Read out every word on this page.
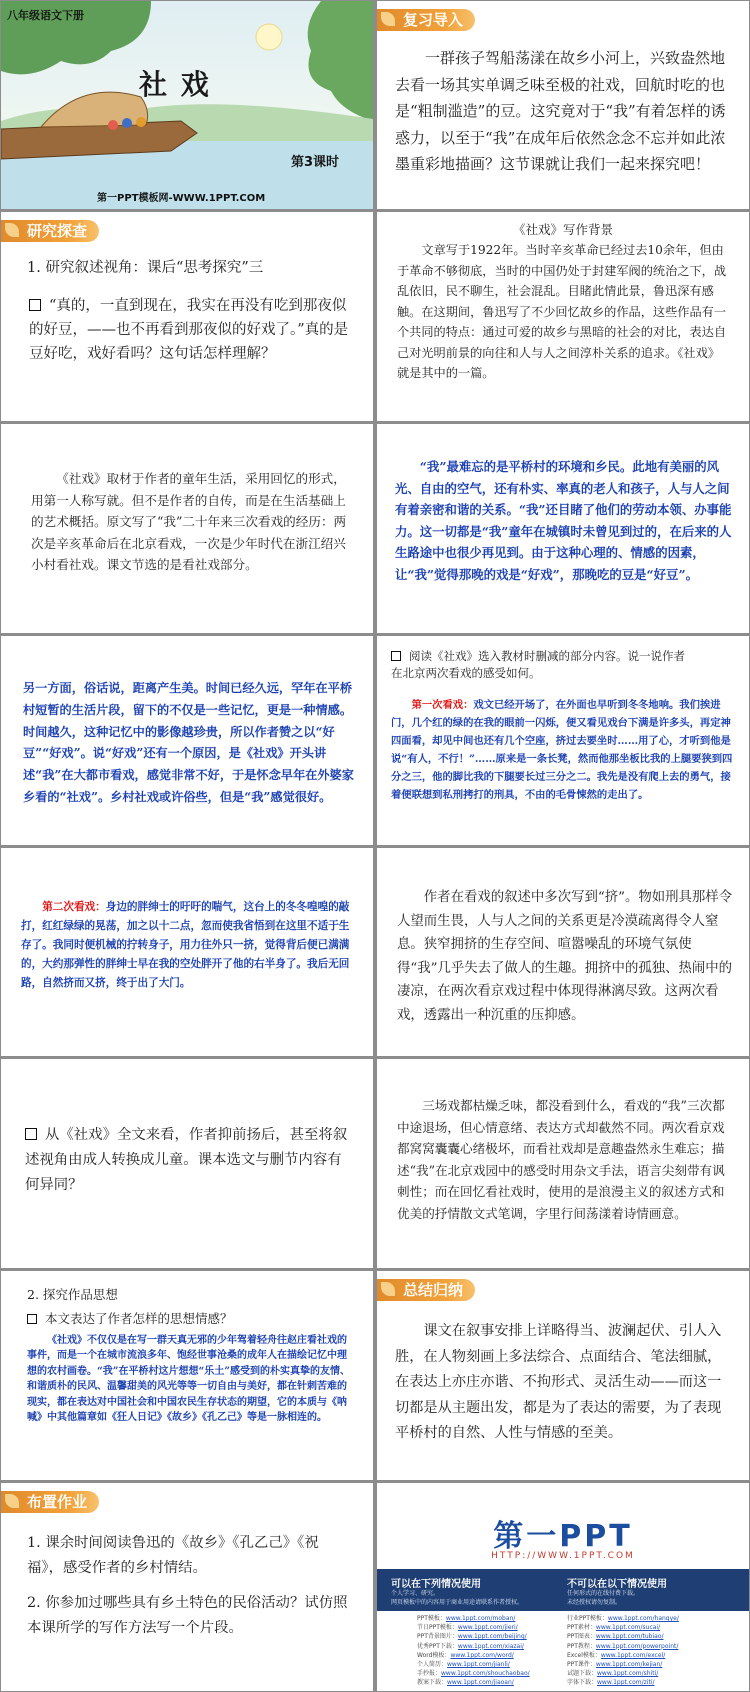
八年级语文下册
社 戏
第3课时
第一PPT模板网-WWW.1PPT.COM
复习导入

一群孩子驾船荡漾在故乡小河上，兴致盎然地去看一场其实单调乏味至极的社戏，回航时吃的也是“粗制滥造”的豆。这究竟对于“我”有着怎样的诱惑力，以至于“我”在成年后依然念念不忘并如此浓墨重彩地描画？这节课就让我们一起来探究吧！

研究探查
1. 研究叙述视角：课后“思考探究”三
“真的，一直到现在，我实在再没有吃到那夜似的好豆，——也不再看到那夜似的好戏了。”真的是豆好吃，戏好看吗？这句话怎样理解？
《社戏》写作背景

文章写于1922年。当时辛亥革命已经过去10余年，但由于革命不够彻底，当时的中国仍处于封建军阀的统治之下，战乱依旧，民不聊生，社会混乱。目睹此情此景，鲁迅深有感触。在这期间，鲁迅写了不少回忆故乡的作品，这些作品有一个共同的特点：通过可爱的故乡与黑暗的社会的对比，表达自己对光明前景的向往和人与人之间淳朴关系的追求。《社戏》就是其中的一篇。

《社戏》取材于作者的童年生活，采用回忆的形式，用第一人称写就。但不是作者的自传，而是在生活基础上的艺术概括。原文写了“我”二十年来三次看戏的经历：两次是辛亥革命后在北京看戏，一次是少年时代在浙江绍兴小村看社戏。课文节选的是看社戏部分。

“我”最难忘的是平桥村的环境和乡民。此地有美丽的风光、自由的空气，还有朴实、率真的老人和孩子，人与人之间有着亲密和谐的关系。“我”还目睹了他们的劳动本领、办事能力。这一切都是“我”童年在城镇时未曾见到过的，在后来的人生路途中也很少再见到。由于这种心理的、情感的因素，让“我”觉得那晚的戏是“好戏”，那晚吃的豆是“好豆”。

另一方面，俗话说，距离产生美。时间已经久远，罕年在平桥村短暂的生活片段，留下的不仅是一些记忆，更是一种情感。时间越久，这种记忆中的影像越珍贵，所以作者赞之以“好豆”“好戏”。说“好戏”还有一个原因，是《社戏》开头讲述“我”在大都市看戏，感觉非常不好，于是怀念早年在外婆家乡看的“社戏”。乡村社戏或许俗些，但是“我”感觉很好。

阅读《社戏》选入教材时删减的部分内容。说一说作者在北京两次看戏的感受如何。

第一次看戏：戏文已经开场了，在外面也早听到冬冬地响。我们挨进门，几个红的绿的在我的眼前一闪烁，便又看见戏台下满是许多头，再定神四面看，却见中间也还有几个空座，挤过去要坐时……用了心，才听到他是说“有人，不行！”……原来是一条长凳，然而他那坐板比我的上腿要狭到四分之三，他的脚比我的下腿要长过三分之二。我先是没有爬上去的勇气，接着便联想到私刑拷打的刑具，不由的毛骨悚然的走出了。

第二次看戏：身边的胖绅士的吁吁的喘气，这台上的冬冬喤喤的敲打，红红绿绿的晃荡，加之以十二点，忽而使我省悟到在这里不适于生存了。我同时便机械的拧转身子，用力往外只一挤，觉得背后便已满满的，大约那弹性的胖绅士早在我的空处胖开了他的右半身了。我后无回路，自然挤而又挤，终于出了大门。

作者在看戏的叙述中多次写到“挤”。物如刑具那样令人望而生畏，人与人之间的关系更是冷漠疏离得令人窒息。狭窄拥挤的生存空间、喧嚣噪乱的环境气氛使得“我”几乎失去了做人的生趣。拥挤中的孤独、热闹中的凄凉，在两次看京戏过程中体现得淋漓尽致。这两次看戏，透露出一种沉重的压抑感。

从《社戏》全文来看，作者抑前扬后，甚至将叙述视角由成人转换成儿童。课本选文与删节内容有何异同？

三场戏都枯燥乏味，都没看到什么，看戏的“我”三次都中途退场，但心情意绪、表达方式却截然不同。两次看京戏都窝窝囊囊心绪极坏，而看社戏却是意趣盎然永生难忘；描述“我”在北京戏园中的感受时用杂文手法，语言尖刻带有讽刺性；而在回忆看社戏时，使用的是浪漫主义的叙述方式和优美的抒情散文式笔调，字里行间荡漾着诗情画意。

2. 探究作品思想
本文表达了作者怎样的思想情感？

《社戏》不仅仅是在写一群天真无邪的少年驾着轻舟往赵庄看社戏的事件，而是一个在城市流浪多年、饱经世事沧桑的成年人在描绘记忆中理想的农村画卷。“我”在平桥村这片想想“乐土”感受到的朴实真挚的友情、和谐质朴的民风、温馨甜美的风光等等一切自由与美好，都在针刺苦难的现实，都在表达对中国社会和中国农民生存状态的期望，它的本质与《呐喊》中其他篇章如《狂人日记》《故乡》《孔乙己》等是一脉相连的。

总结归纳

课文在叙事安排上详略得当、波澜起伏、引人入胜，在人物刻画上多法综合、点面结合、笔法细腻，在表达上亦庄亦谐、不拘形式、灵活生动——而这一切都是从主题出发，都是为了表达的需要，为了表现平桥村的自然、人性与情感的至美。

布置作业

1. 课余时间阅读鲁迅的《故乡》《孔乙己》《祝福》，感受作者的乡村情结。

2. 你参加过哪些具有乡土特色的民俗活动？试仿照本课所学的写作方法写一个片段。

第一PPT
HTTP://WWW.1PPT.COM
可以在下列情况使用
个人学习、研究。
网页模板中的内容用于商业用途请联系作者授权。
不可以在以下情况使用
任何形式的在线付费下载。
未经授权请勿复制。
PPT模板：www.1ppt.com/moban/
节日PPT模板：www.1ppt.com/jieri/
PPT背景图片：www.1ppt.com/beijing/
优秀PPT下载：www.1ppt.com/xiazai/
Word模板：www.1ppt.com/word/
个人简历：www.1ppt.com/jianli/
手抄报：www.1ppt.com/shouchaobao/
教案下载：www.1ppt.com/jiaoan/
行业PPT模板：www.1ppt.com/hangye/
PPT素材：www.1ppt.com/sucai/
PPT图表：www.1ppt.com/tubiao/
PPT教程：www.1ppt.com/powerpoint/
Excel模板：www.1ppt.com/excel/
PPT课件：www.1ppt.com/kejian/
试题下载：www.1ppt.com/shiti/
字体下载：www.1ppt.com/ziti/
